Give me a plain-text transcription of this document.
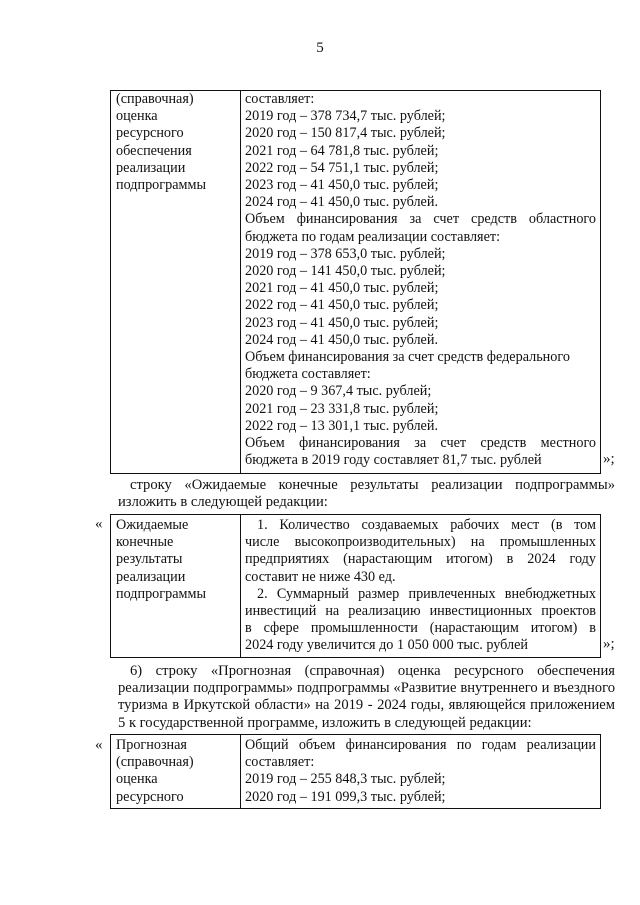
5
(справочная)
оценка
ресурсного
обеспечения
реализации
подпрограммы

составляет:
2019 год – 378 734,7 тыс. рублей;
2020 год – 150 817,4 тыс. рублей;
2021 год – 64 781,8 тыс. рублей;
2022 год – 54 751,1 тыс. рублей;
2023 год – 41 450,0 тыс. рублей;
2024 год – 41 450,0 тыс. рублей.
Объем финансирования за счет средств областного
бюджета по годам реализации составляет:
2019 год – 378 653,0 тыс. рублей;
2020 год – 141 450,0 тыс. рублей;
2021 год – 41 450,0 тыс. рублей;
2022 год – 41 450,0 тыс. рублей;
2023 год – 41 450,0 тыс. рублей;
2024 год – 41 450,0 тыс. рублей.
Объем финансирования за счет средств федерального
бюджета составляет:
2020 год – 9 367,4 тыс. рублей;
2021 год – 23 331,8 тыс. рублей;
2022 год – 13 301,1 тыс. рублей.
Объем финансирования за счет средств местного
бюджета в 2019 году составляет 81,7 тыс. рублей	»;
строку «Ожидаемые конечные результаты реализации подпрограммы»
изложить в следующей редакции:
« Ожидаемые
конечные
результаты
реализации
подпрограммы

1. Количество создаваемых рабочих мест (в том
числе высокопроизводительных) на промышленных
предприятиях (нарастающим итогом) в 2024 году
составит не ниже 430 ед.
2. Суммарный размер привлеченных внебюджетных
инвестиций на реализацию инвестиционных проектов
в сфере промышленности (нарастающим итогом) в
2024 году увеличится до 1 050 000 тыс. рублей	»;
6) строку «Прогнозная (справочная) оценка ресурсного обеспечения
реализации подпрограммы» подпрограммы «Развитие внутреннего и въездного
туризма в Иркутской области» на 2019 - 2024 годы, являющейся приложением
5 к государственной программе, изложить в следующей редакции:
« Прогнозная
(справочная)
оценка
ресурсного

Общий объем финансирования по годам реализации
составляет:
2019 год – 255 848,3 тыс. рублей;
2020 год – 191 099,3 тыс. рублей;
